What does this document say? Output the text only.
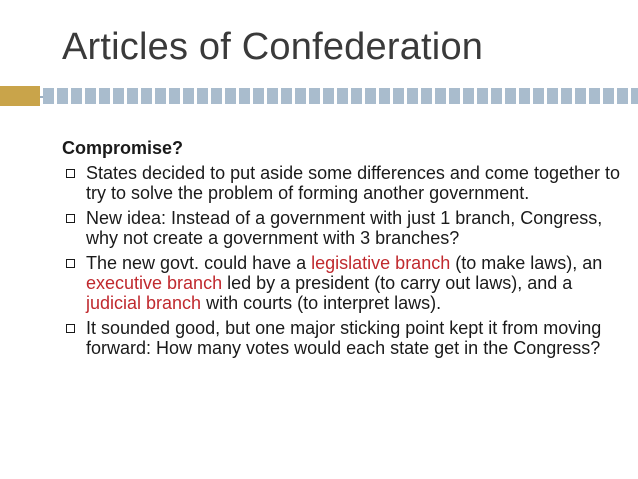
Articles of Confederation

Compromise?

States decided to put aside some differences and come together to try to solve the problem of forming another government.
New idea: Instead of a government with just 1 branch, Congress, why not create a government with 3 branches?
The new govt. could have a legislative branch (to make laws), an executive branch led by a president (to carry out laws), and a judicial branch with courts (to interpret laws).
It sounded good, but one major sticking point kept it from moving forward: How many votes would each state get in the Congress?
